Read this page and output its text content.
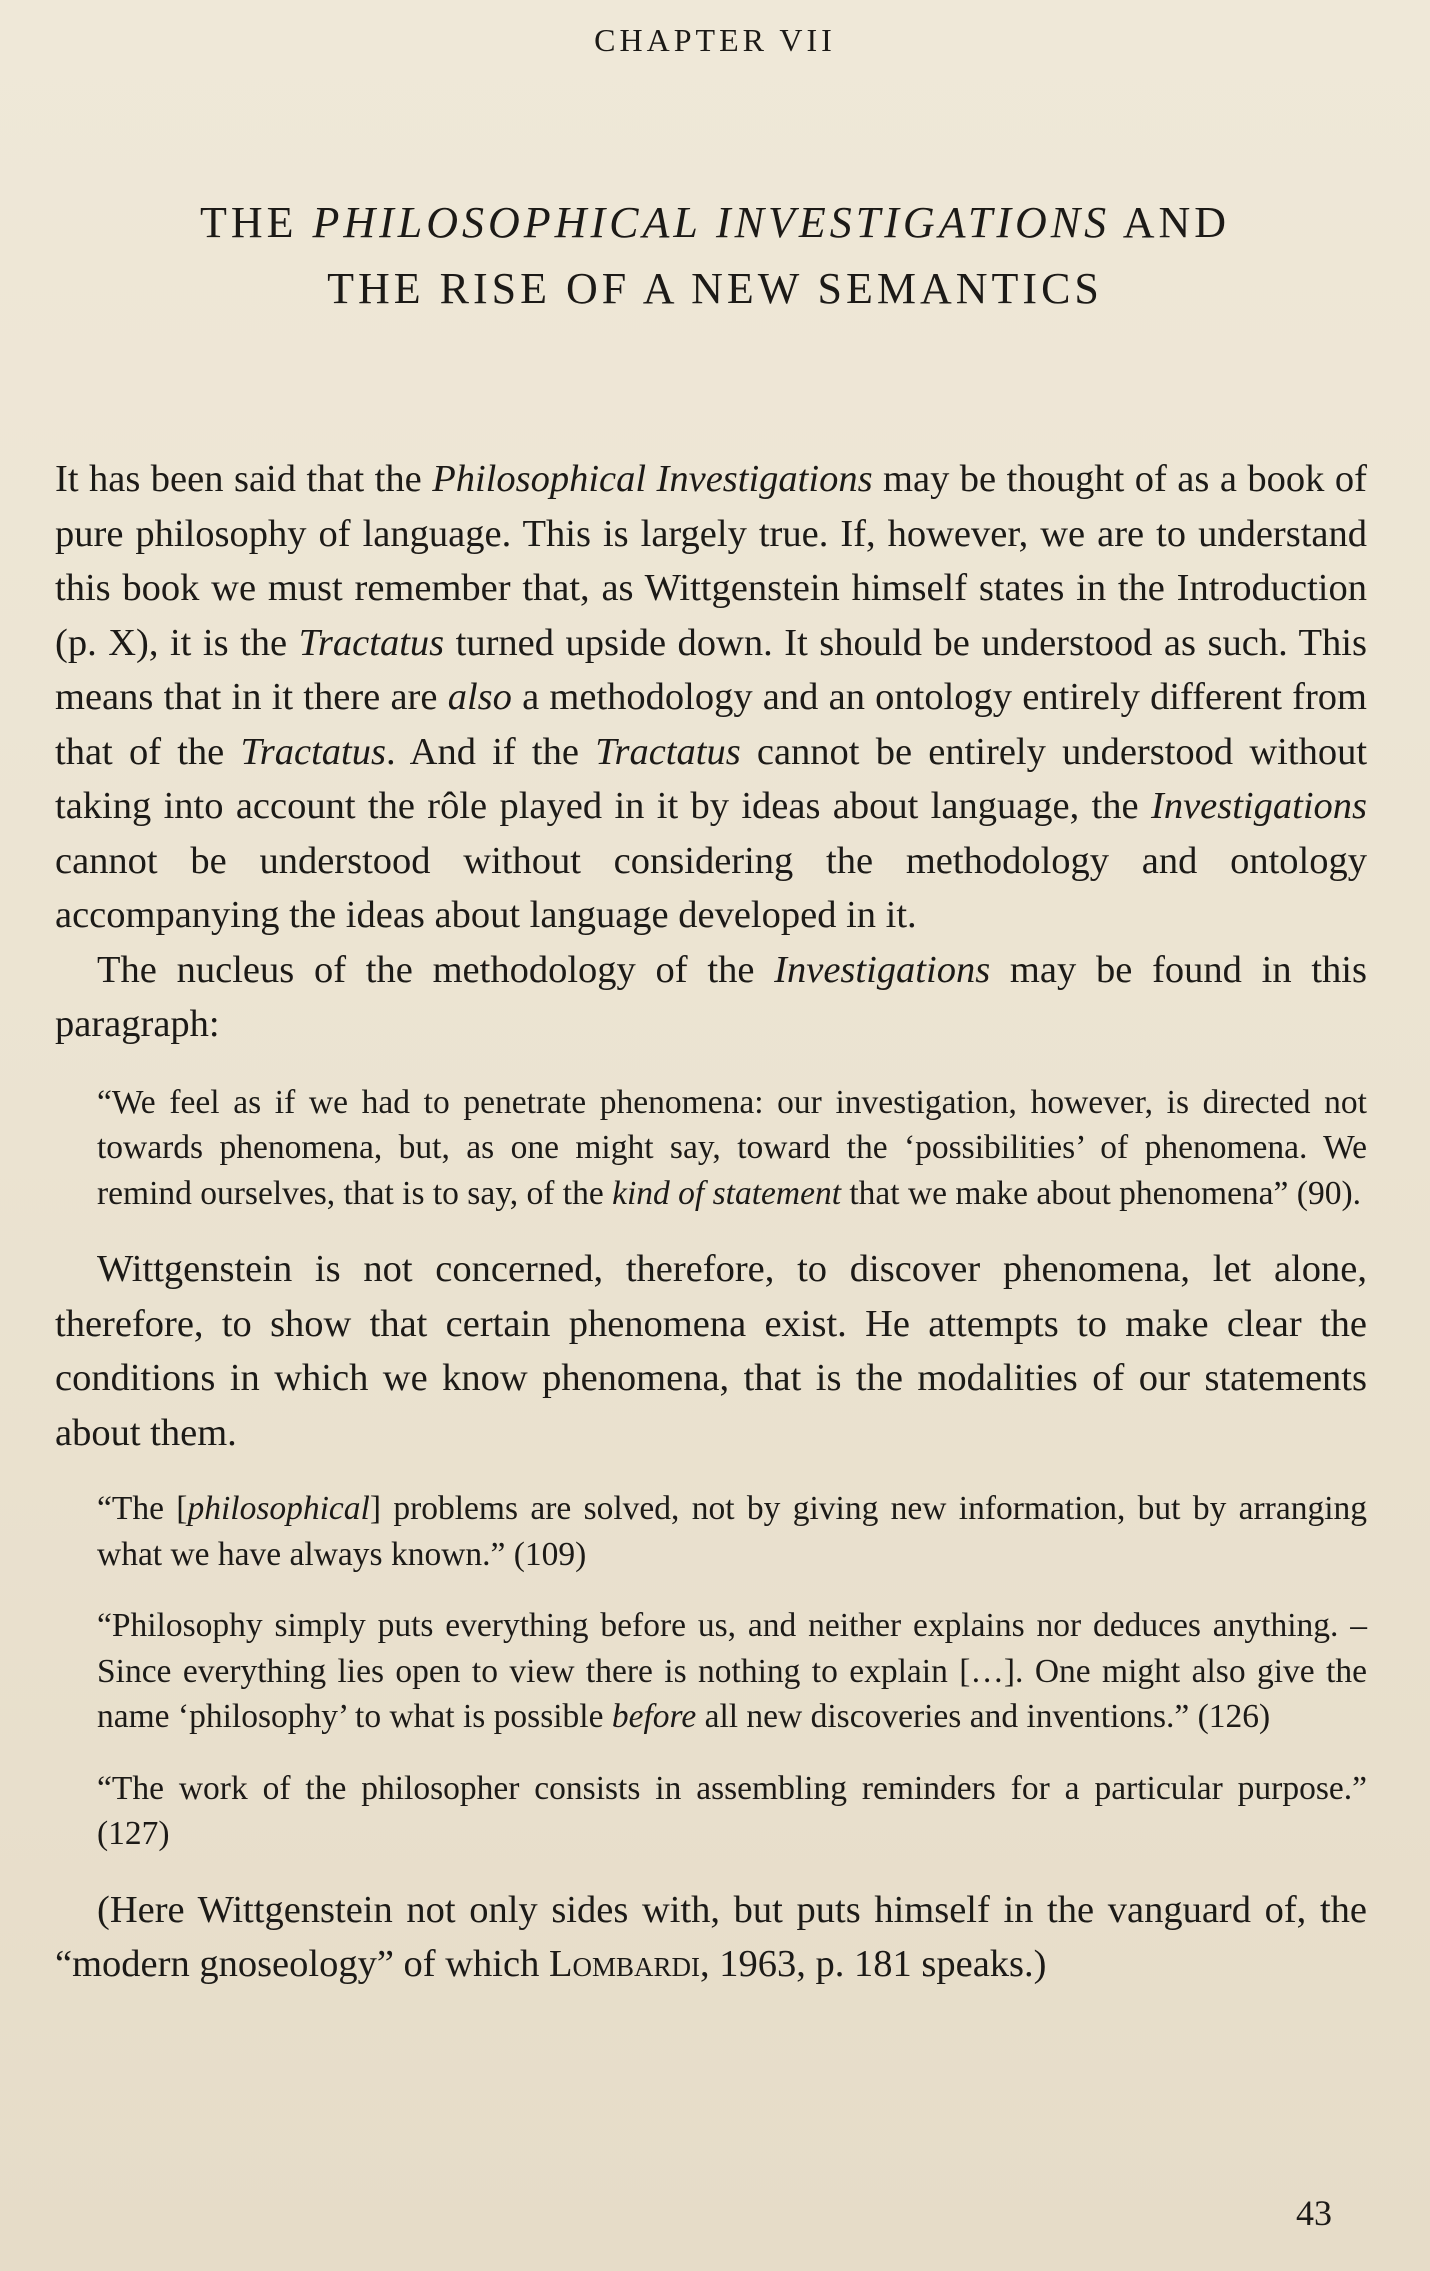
CHAPTER VII
THE PHILOSOPHICAL INVESTIGATIONS AND
THE RISE OF A NEW SEMANTICS

It has been said that the Philosophical Investigations may be thought of as a book of pure philosophy of language. This is largely true. If, however, we are to understand this book we must remember that, as Wittgenstein himself states in the Introduction (p. X), it is the Tractatus turned upside down. It should be understood as such. This means that in it there are also a methodology and an ontology entirely different from that of the Tractatus. And if the Tractatus cannot be entirely understood without taking into account the rôle played in it by ideas about language, the Investigations cannot be understood without considering the methodology and ontology accompanying the ideas about language developed in it.

The nucleus of the methodology of the Investigations may be found in this paragraph:

“We feel as if we had to penetrate phenomena: our investigation, however, is directed not towards phenomena, but, as one might say, toward the ‘possibilities’ of phenomena. We remind ourselves, that is to say, of the kind of statement that we make about phenomena” (90).

Wittgenstein is not concerned, therefore, to discover phenomena, let alone, therefore, to show that certain phenomena exist. He attempts to make clear the conditions in which we know phenomena, that is the modalities of our statements about them.

“The [philosophical] problems are solved, not by giving new information, but by arranging what we have always known.” (109)

“Philosophy simply puts everything before us, and neither explains nor deduces anything. – Since everything lies open to view there is nothing to explain […]. One might also give the name ‘philosophy’ to what is possible before all new discoveries and inventions.” (126)

“The work of the philosopher consists in assembling reminders for a particular purpose.” (127)

(Here Wittgenstein not only sides with, but puts himself in the vanguard of, the “modern gnoseology” of which Lombardi, 1963, p. 181 speaks.)

43
